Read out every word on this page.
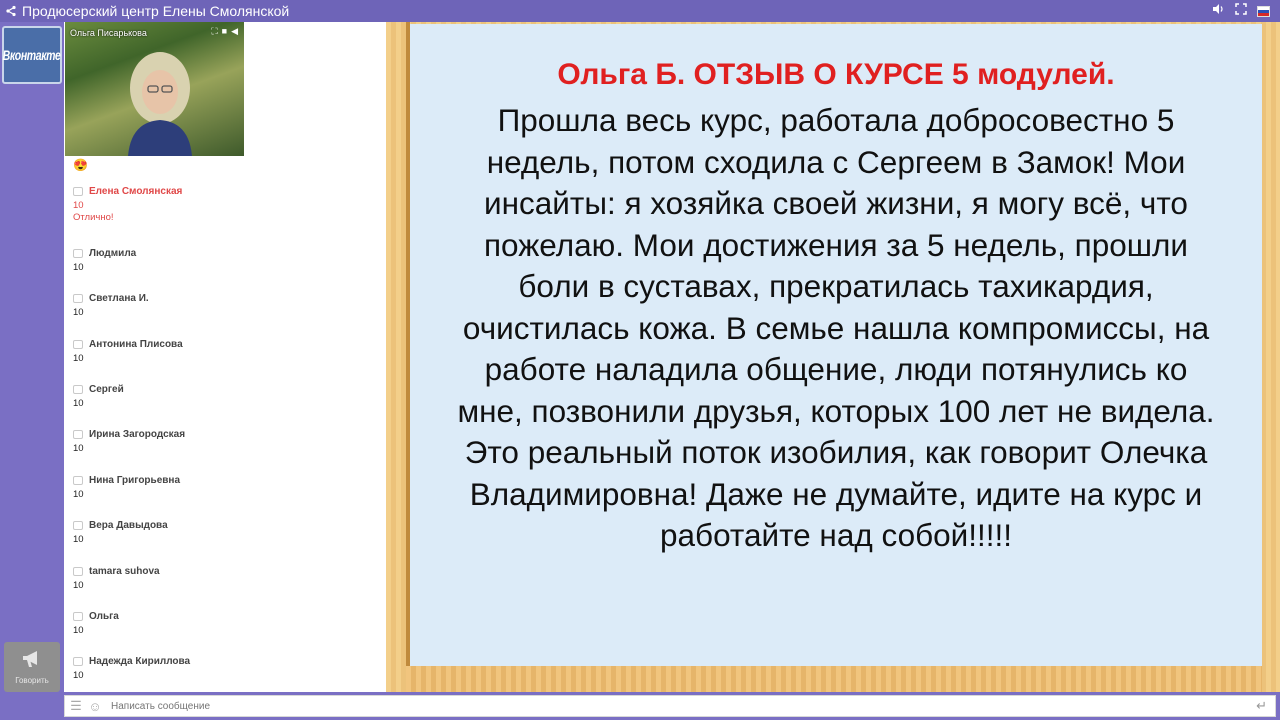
Продюсерский центр Елены Смолянской
Вконтакте
Говорить
Ольга Писарькова	⛶ ■ ◀
😍
Елена Смолянская
10
Отлично!
Людмила
10
Светлана И.
10
Антонина Плисова
10
Сергей
10
Ирина Загородская
10
Нина Григорьевна
10
Вера Давыдова
10
tamara suhova
10
Ольга
10
Надежда Кириллова
10
Ольга Б. ОТЗЫВ О КУРСЕ 5 модулей.
Прошла весь курс, работала добросовестно 5
недель, потом сходила с Сергеем в Замок! Мои
инсайты: я хозяйка своей жизни, я могу всё, что
пожелаю. Мои достижения за 5 недель, прошли
боли в суставах, прекратилась тахикардия,
очистилась кожа. В семье нашла компромиссы, на
работе наладила общение, люди потянулись ко
мне, позвонили друзья, которых 100 лет не видела.
Это реальный поток изобилия, как говорит Олечка
Владимировна! Даже не думайте, идите на курс и
работайте над собой!!!!!
☰ ☺
Написать сообщение	↵
